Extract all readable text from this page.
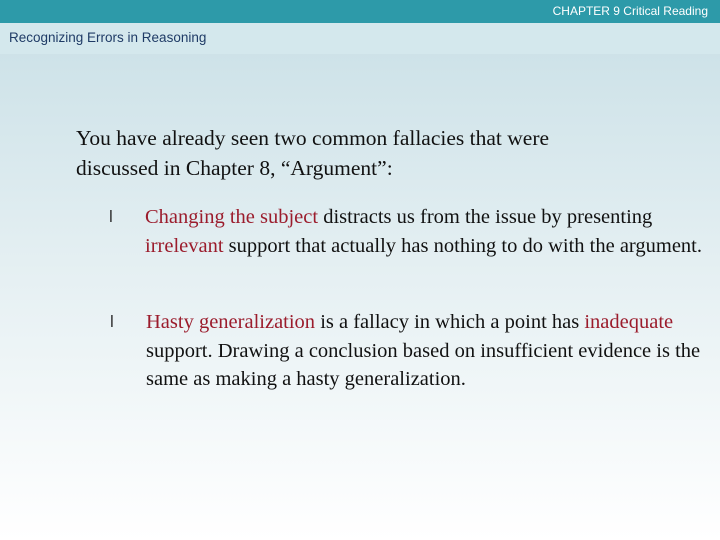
CHAPTER 9 Critical Reading
Recognizing Errors in Reasoning
You have already seen two common fallacies that were
discussed in Chapter 8, “Argument”:
l Changing the subject distracts us from the issue by presenting irrelevant support that actually has nothing to do with the argument.
l Hasty generalization is a fallacy in which a point has inadequate support. Drawing a conclusion based on insufficient evidence is the same as making a hasty generalization.
